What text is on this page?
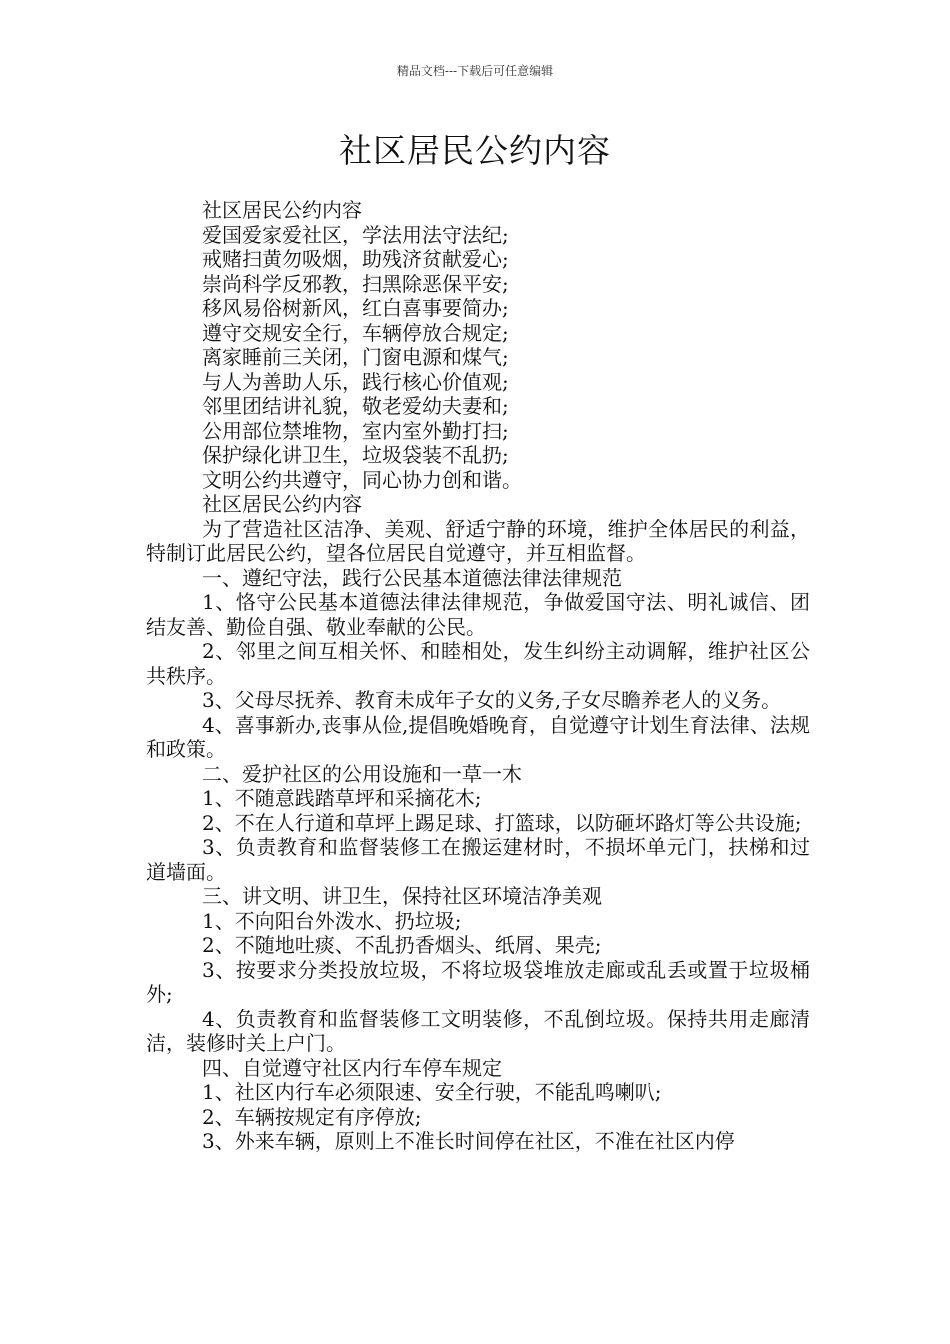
精品文档---下载后可任意编辑
社区居民公约内容

社区居民公约内容

爱国爱家爱社区，学法用法守法纪;

戒赌扫黄勿吸烟，助残济贫献爱心;

崇尚科学反邪教，扫黑除恶保平安;

移风易俗树新风，红白喜事要简办;

遵守交规安全行，车辆停放合规定;

离家睡前三关闭，门窗电源和煤气;

与人为善助人乐，践行核心价值观;

邻里团结讲礼貌，敬老爱幼夫妻和;

公用部位禁堆物，室内室外勤打扫;

保护绿化讲卫生，垃圾袋装不乱扔;

文明公约共遵守，同心协力创和谐。

社区居民公约内容

为了营造社区洁净、美观、舒适宁静的环境，维护全体居民的利益，特制订此居民公约，望各位居民自觉遵守，并互相监督。

一、遵纪守法，践行公民基本道德法律法律规范

1、恪守公民基本道德法律法律规范，争做爱国守法、明礼诚信、团结友善、勤俭自强、敬业奉献的公民。

2、邻里之间互相关怀、和睦相处，发生纠纷主动调解，维护社区公共秩序。

3、父母尽抚养、教育未成年子女的义务,子女尽瞻养老人的义务。

4、喜事新办,丧事从俭,提倡晚婚晚育，自觉遵守计划生育法律、法规和政策。

二、爱护社区的公用设施和一草一木

1、不随意践踏草坪和采摘花木;

2、不在人行道和草坪上踢足球、打篮球，以防砸坏路灯等公共设施;

3、负责教育和监督装修工在搬运建材时，不损坏单元门，扶梯和过道墙面。

三、讲文明、讲卫生，保持社区环境洁净美观

1、不向阳台外泼水、扔垃圾;

2、不随地吐痰、不乱扔香烟头、纸屑、果壳;

3、按要求分类投放垃圾，不将垃圾袋堆放走廊或乱丢或置于垃圾桶外;

4、负责教育和监督装修工文明装修，不乱倒垃圾。保持共用走廊清洁，装修时关上户门。

四、自觉遵守社区内行车停车规定

1、社区内行车必须限速、安全行驶，不能乱鸣喇叭;

2、车辆按规定有序停放;

3、外来车辆，原则上不准长时间停在社区，不准在社区内停
